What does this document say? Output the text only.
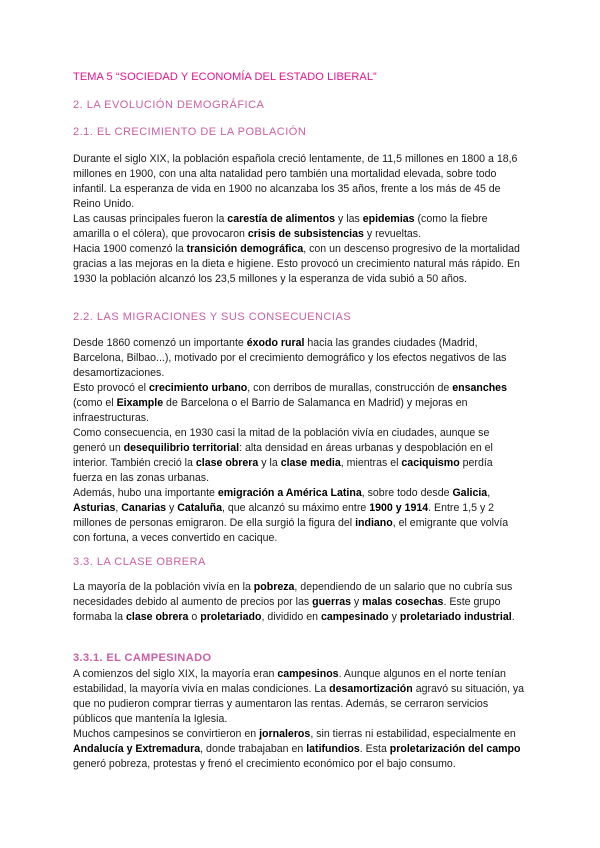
TEMA 5 “SOCIEDAD Y ECONOMÍA DEL ESTADO LIBERAL”
2. LA EVOLUCIÓN DEMOGRÁFICA
2.1. EL CRECIMIENTO DE LA POBLACIÓN

Durante el siglo XIX, la población española creció lentamente, de 11,5 millones en 1800 a 18,6 millones en 1900, con una alta natalidad pero también una mortalidad elevada, sobre todo infantil. La esperanza de vida en 1900 no alcanzaba los 35 años, frente a los más de 45 de Reino Unido.

Las causas principales fueron la carestía de alimentos y las epidemias (como la fiebre amarilla o el cólera), que provocaron crisis de subsistencias y revueltas.

Hacia 1900 comenzó la transición demográfica, con un descenso progresivo de la mortalidad gracias a las mejoras en la dieta e higiene. Esto provocó un crecimiento natural más rápido. En 1930 la población alcanzó los 23,5 millones y la esperanza de vida subió a 50 años.

2.2. LAS MIGRACIONES Y SUS CONSECUENCIAS

Desde 1860 comenzó un importante éxodo rural hacia las grandes ciudades (Madrid, Barcelona, Bilbao...), motivado por el crecimiento demográfico y los efectos negativos de las desamortizaciones.

Esto provocó el crecimiento urbano, con derribos de murallas, construcción de ensanches (como el Eixample de Barcelona o el Barrio de Salamanca en Madrid) y mejoras en infraestructuras.

Como consecuencia, en 1930 casi la mitad de la población vivía en ciudades, aunque se generó un desequilibrio territorial: alta densidad en áreas urbanas y despoblación en el interior. También creció la clase obrera y la clase media, mientras el caciquismo perdía fuerza en las zonas urbanas.

Además, hubo una importante emigración a América Latina, sobre todo desde Galicia, Asturias, Canarias y Cataluña, que alcanzó su máximo entre 1900 y 1914. Entre 1,5 y 2 millones de personas emigraron. De ella surgió la figura del indiano, el emigrante que volvía con fortuna, a veces convertido en cacique.

3.3. LA CLASE OBRERA

La mayoría de la población vivía en la pobreza, dependiendo de un salario que no cubría sus necesidades debido al aumento de precios por las guerras y malas cosechas. Este grupo formaba la clase obrera o proletariado, dividido en campesinado y proletariado industrial.

3.3.1. EL CAMPESINADO

A comienzos del siglo XIX, la mayoría eran campesinos. Aunque algunos en el norte tenían estabilidad, la mayoría vivía en malas condiciones. La desamortización agravó su situación, ya que no pudieron comprar tierras y aumentaron las rentas. Además, se cerraron servicios públicos que mantenía la Iglesia.

Muchos campesinos se convirtieron en jornaleros, sin tierras ni estabilidad, especialmente en Andalucía y Extremadura, donde trabajaban en latifundios. Esta proletarización del campo generó pobreza, protestas y frenó el crecimiento económico por el bajo consumo.
